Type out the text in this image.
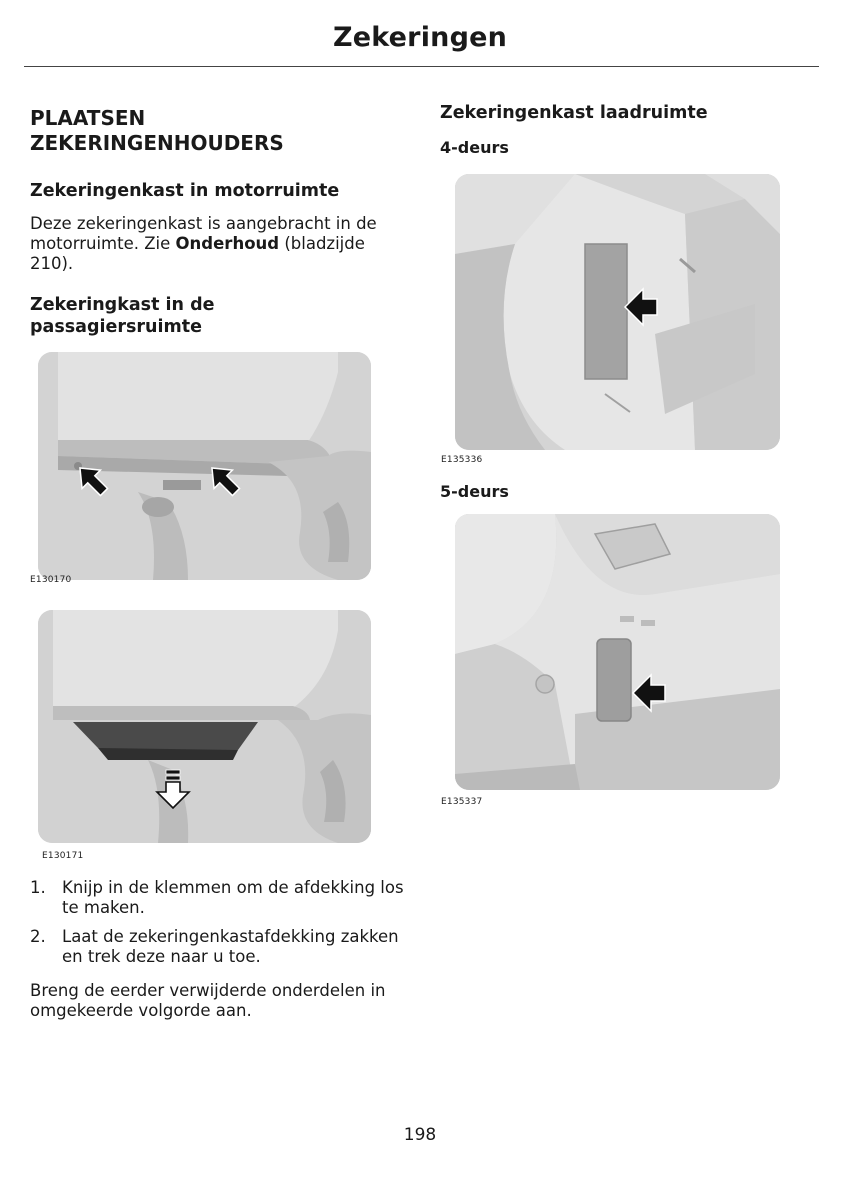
Zekeringen
PLAATSEN
ZEKERINGENHOUDERS
Zekeringenkast in motorruimte

Deze zekeringenkast is aangebracht in de motorruimte. Zie Onderhoud (bladzijde 210).

Zekeringkast in de
passagiersruimte
E130170
E130171
1. Knijp in de klemmen om de afdekking los te maken.
2. Laat de zekeringenkastafdekking zakken en trek deze naar u toe.

Breng de eerder verwijderde onderdelen in omgekeerde volgorde aan.

Zekeringenkast laadruimte
4-deurs
E135336
5-deurs
E135337
198
